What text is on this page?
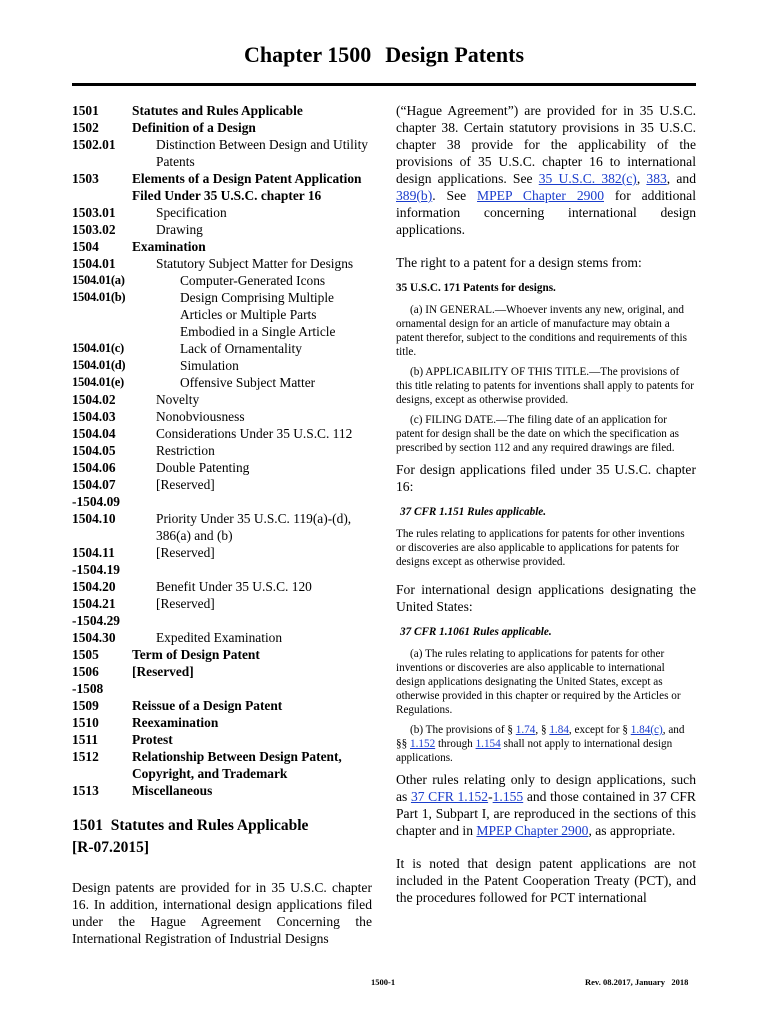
Chapter 1500 Design Patents
1501 Statutes and Rules Applicable
1502 Definition of a Design
1502.01	Distinction Between Design and Utility Patents
1503 Elements of a Design Patent Application Filed Under 35 U.S.C. chapter 16
1503.01	Specification
1503.02	Drawing
1504 Examination
1504.01	Statutory Subject Matter for Designs
1504.01(a)	Computer-Generated Icons
1504.01(b)	Design Comprising Multiple Articles or Multiple Parts Embodied in a Single Article
1504.01(c)	Lack of Ornamentality
1504.01(d)	Simulation
1504.01(e)	Offensive Subject Matter
1504.02	Novelty
1504.03	Nonobviousness
1504.04	Considerations Under 35 U.S.C. 112
1504.05	Restriction
1504.06	Double Patenting
1504.07	[Reserved]
-1504.09
1504.10	Priority Under 35 U.S.C. 119(a)-(d), 386(a) and (b)
1504.11	[Reserved]
-1504.19
1504.20	Benefit Under 35 U.S.C. 120
1504.21	[Reserved]
-1504.29
1504.30	Expedited Examination
1505 Term of Design Patent
1506 [Reserved]
-1508
1509 Reissue of a Design Patent
1510 Reexamination
1511	Protest
1512 Relationship Between Design Patent, Copyright, and Trademark
1513 Miscellaneous
1501  Statutes and Rules Applicable
[R-07.2015]

Design patents are provided for in 35 U.S.C. chapter 16. In addition, international design applications filed under the Hague Agreement Concerning the International Registration of Industrial Designs

(“Hague Agreement”) are provided for in 35 U.S.C. chapter 38. Certain statutory provisions in 35 U.S.C. chapter 38 provide for the applicability of the provisions of 35 U.S.C. chapter 16 to international design applications. See 35 U.S.C. 382(c), 383, and 389(b). See MPEP Chapter 2900 for additional information concerning international design applications.

The right to a patent for a design stems from:

35 U.S.C. 171 Patents for designs.

(a) IN GENERAL.—Whoever invents any new, original, and ornamental design for an article of manufacture may obtain a patent therefor, subject to the conditions and requirements of this title.

(b) APPLICABILITY OF THIS TITLE.—The provisions of this title relating to patents for inventions shall apply to patents for designs, except as otherwise provided.

(c) FILING DATE.—The filing date of an application for patent for design shall be the date on which the specification as prescribed by section 112 and any required drawings are filed.

For design applications filed under 35 U.S.C. chapter 16:

37 CFR 1.151 Rules applicable.

The rules relating to applications for patents for other inventions or discoveries are also applicable to applications for patents for designs except as otherwise provided.

For international design applications designating the United States:

37 CFR 1.1061 Rules applicable.

(a) The rules relating to applications for patents for other inventions or discoveries are also applicable to international design applications designating the United States, except as otherwise provided in this chapter or required by the Articles or Regulations.

(b) The provisions of § 1.74, § 1.84, except for § 1.84(c), and §§ 1.152 through 1.154 shall not apply to international design applications.

Other rules relating only to design applications, such as 37 CFR 1.152-1.155 and those contained in 37 CFR Part 1, Subpart I, are reproduced in the sections of this chapter and in MPEP Chapter 2900, as appropriate.

It is noted that design patent applications are not included in the Patent Cooperation Treaty (PCT), and the procedures followed for PCT international

1500-1	Rev. 08.2017, January   2018
